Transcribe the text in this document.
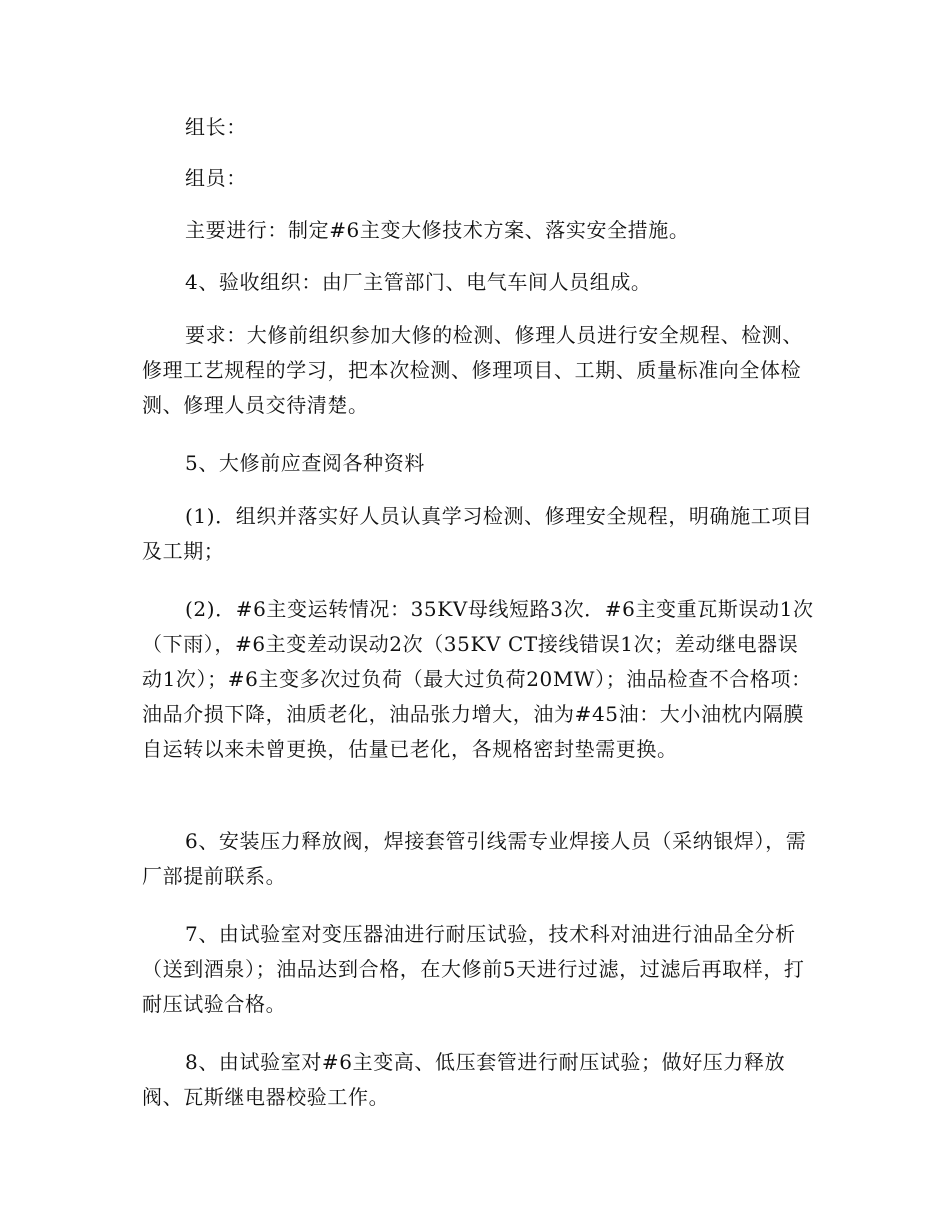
组长：

组员：

主要进行：制定#6主变大修技术方案、落实安全措施。

4、验收组织：由厂主管部门、电气车间人员组成。

要求：大修前组织参加大修的检测、修理人员进行安全规程、检测、修理工艺规程的学习，把本次检测、修理项目、工期、质量标准向全体检测、修理人员交待清楚。

5、大修前应查阅各种资料

(1)．组织并落实好人员认真学习检测、修理安全规程，明确施工项目及工期；

(2)．#6主变运转情况：35KV母线短路3次．#6主变重瓦斯误动1次（下雨），#6主变差动误动2次（35KV CT接线错误1次；差动继电器误动1次）；#6主变多次过负荷（最大过负荷20MW）；油品检查不合格项：油品介损下降，油质老化，油品张力增大，油为#45油：大小油枕内隔膜自运转以来未曾更换，估量已老化，各规格密封垫需更换。

6、安装压力释放阀，焊接套管引线需专业焊接人员（采纳银焊），需厂部提前联系。

7、由试验室对变压器油进行耐压试验，技术科对油进行油品全分析（送到酒泉）；油品达到合格，在大修前5天进行过滤，过滤后再取样，打耐压试验合格。

8、由试验室对#6主变高、低压套管进行耐压试验；做好压力释放阀、瓦斯继电器校验工作。
